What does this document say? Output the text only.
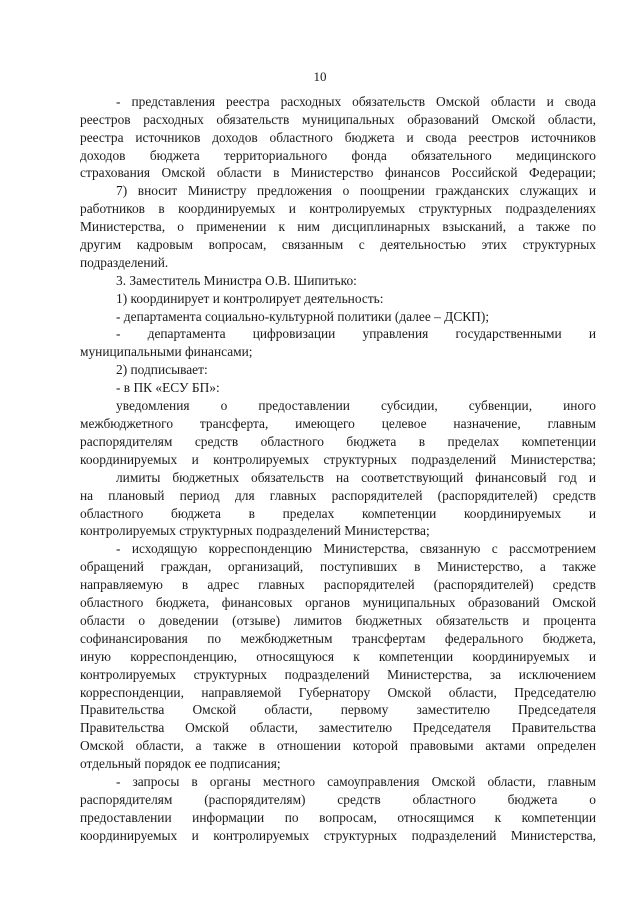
10
- представления реестра расходных обязательств Омской области и свода
реестров расходных обязательств муниципальных образований Омской области,
реестра источников доходов областного бюджета и свода реестров источников
доходов бюджета территориального фонда обязательного медицинского
страхования Омской области в Министерство финансов Российской Федерации;
7) вносит Министру предложения о поощрении гражданских служащих и
работников в координируемых и контролируемых структурных подразделениях
Министерства, о применении к ним дисциплинарных взысканий, а также по
другим кадровым вопросам, связанным с деятельностью этих структурных
подразделений.
3. Заместитель Министра О.В. Шипитько:
1) координирует и контролирует деятельность:
- департамента социально-культурной политики (далее – ДСКП);
- департамента цифровизации управления государственными и
муниципальными финансами;
2) подписывает:
- в ПК «ЕСУ БП»:
уведомления о предоставлении субсидии, субвенции, иного
межбюджетного трансферта, имеющего целевое назначение, главным
распорядителям средств областного бюджета в пределах компетенции
координируемых и контролируемых структурных подразделений Министерства;
лимиты бюджетных обязательств на соответствующий финансовый год и
на плановый период для главных распорядителей (распорядителей) средств
областного бюджета в пределах компетенции координируемых и
контролируемых структурных подразделений Министерства;
- исходящую корреспонденцию Министерства, связанную с рассмотрением
обращений граждан, организаций, поступивших в Министерство, а также
направляемую в адрес главных распорядителей (распорядителей) средств
областного бюджета, финансовых органов муниципальных образований Омской
области о доведении (отзыве) лимитов бюджетных обязательств и процента
софинансирования по межбюджетным трансфертам федерального бюджета,
иную корреспонденцию, относящуюся к компетенции координируемых и
контролируемых структурных подразделений Министерства, за исключением
корреспонденции, направляемой Губернатору Омской области, Председателю
Правительства Омской области, первому заместителю Председателя
Правительства Омской области, заместителю Председателя Правительства
Омской области, а также в отношении которой правовыми актами определен
отдельный порядок ее подписания;
- запросы в органы местного самоуправления Омской области, главным
распорядителям (распорядителям) средств областного бюджета о
предоставлении информации по вопросам, относящимся к компетенции
координируемых и контролируемых структурных подразделений Министерства,
